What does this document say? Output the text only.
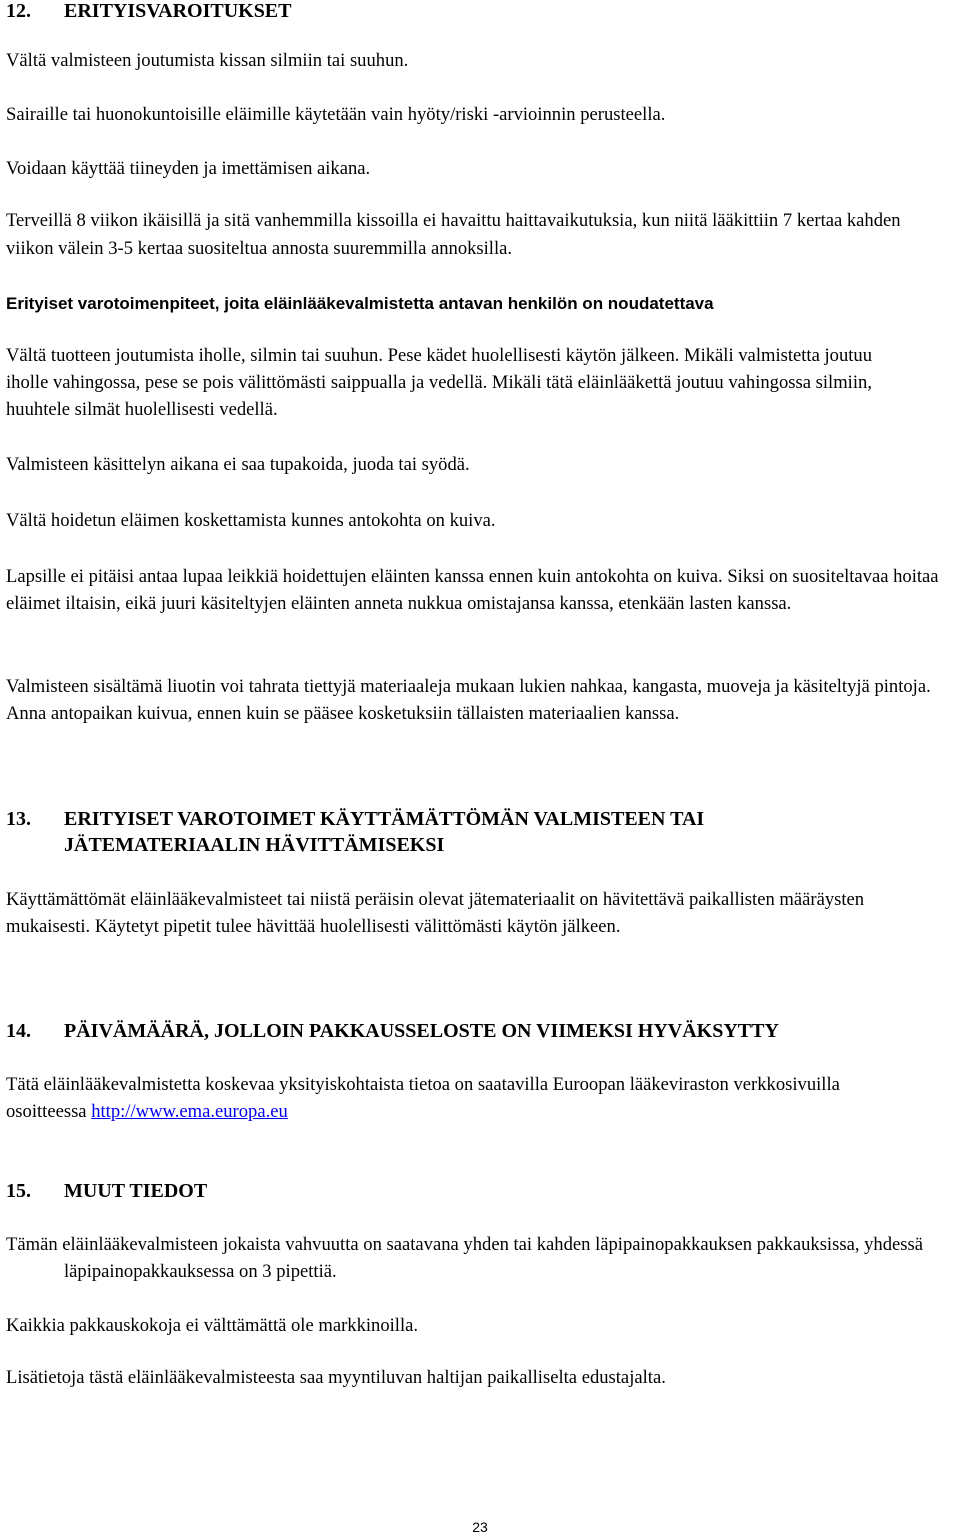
12.	ERITYISVAROITUKSET

Vältä valmisteen joutumista kissan silmiin tai suuhun.

Sairaille tai huonokuntoisille eläimille käytetään vain hyöty/riski -arvioinnin perusteella.

Voidaan käyttää tiineyden ja imettämisen aikana.

Terveillä 8 viikon ikäisillä ja sitä vanhemmilla kissoilla ei havaittu haittavaikutuksia, kun niitä lääkittiin 7 kertaa kahden viikon välein 3-5 kertaa suositeltua annosta suuremmilla annoksilla.

Erityiset varotoimenpiteet, joita eläinlääkevalmistetta antavan henkilön on noudatettava

Vältä tuotteen joutumista iholle, silmin tai suuhun. Pese kädet huolellisesti käytön jälkeen. Mikäli valmistetta joutuu iholle vahingossa, pese se pois välittömästi saippualla ja vedellä. Mikäli tätä eläinlääkettä joutuu vahingossa silmiin, huuhtele silmät huolellisesti vedellä.

Valmisteen käsittelyn aikana ei saa tupakoida, juoda tai syödä.

Vältä hoidetun eläimen koskettamista kunnes antokohta on kuiva.

Lapsille ei pitäisi antaa lupaa leikkiä hoidettujen eläinten kanssa ennen kuin antokohta on kuiva. Siksi on suositeltavaa hoitaa eläimet iltaisin, eikä juuri käsiteltyjen eläinten anneta nukkua omistajansa kanssa, etenkään lasten kanssa.

Valmisteen sisältämä liuotin voi tahrata tiettyjä materiaaleja mukaan lukien nahkaa, kangasta, muoveja ja käsiteltyjä pintoja. Anna antopaikan kuivua, ennen kuin se pääsee kosketuksiin tällaisten materiaalien kanssa.

13.	ERITYISET VAROTOIMET KÄYTTÄMÄTTÖMÄN VALMISTEEN TAI
JÄTEMATERIAALIN HÄVITTÄMISEKSI

Käyttämättömät eläinlääkevalmisteet tai niistä peräisin olevat jätemateriaalit on hävitettävä paikallisten määräysten mukaisesti. Käytetyt pipetit tulee hävittää huolellisesti välittömästi käytön jälkeen.

14.	PÄIVÄMÄÄRÄ, JOLLOIN PAKKAUSSELOSTE ON VIIMEKSI HYVÄKSYTTY

Tätä eläinlääkevalmistetta koskevaa yksityiskohtaista tietoa on saatavilla Euroopan lääkeviraston verkkosivuilla osoitteessa http://www.ema.europa.eu

15.	MUUT TIEDOT

Tämän eläinlääkevalmisteen jokaista vahvuutta on saatavana yhden tai kahden läpipainopakkauksen pakkauksissa, yhdessä läpipainopakkauksessa on 3 pipettiä.

Kaikkia pakkauskokoja ei välttämättä ole markkinoilla.

Lisätietoja tästä eläinlääkevalmisteesta saa myyntiluvan haltijan paikalliselta edustajalta.

23
